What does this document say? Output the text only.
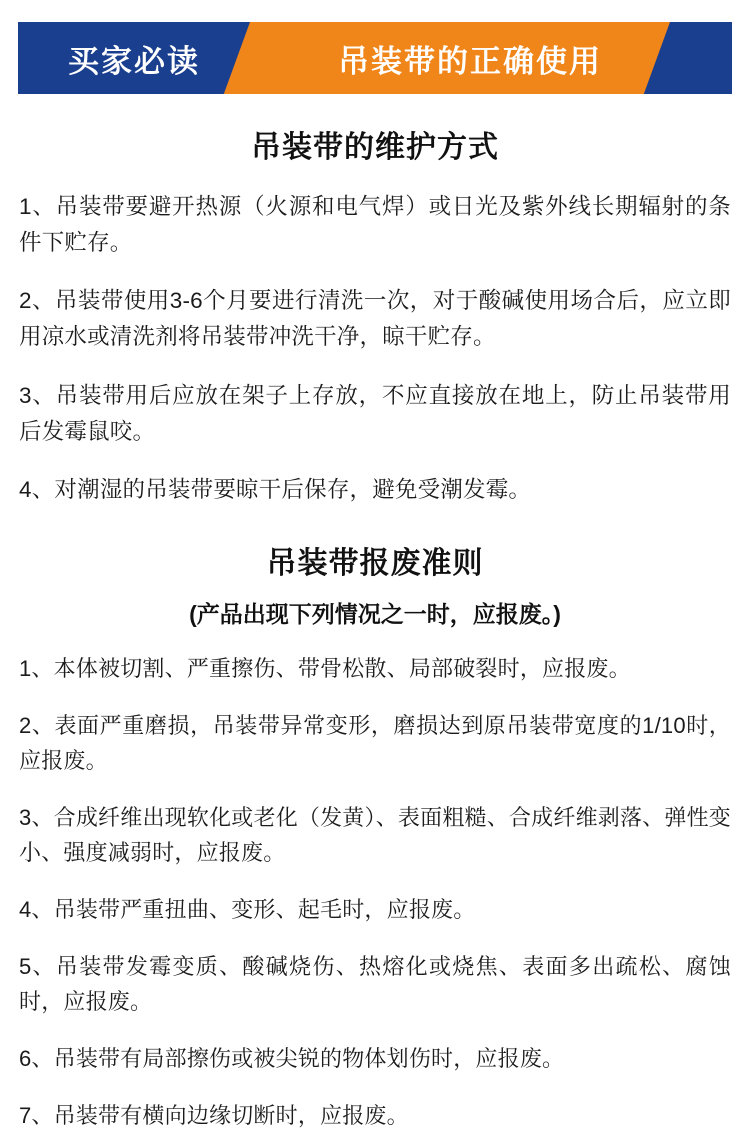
买家必读	吊装带的正确使用
吊装带的维护方式

1、吊装带要避开热源（火源和电气焊）或日光及紫外线长期辐射的条件下贮存。

2、吊装带使用3-6个月要进行清洗一次，对于酸碱使用场合后，应立即用凉水或清洗剂将吊装带冲洗干净，晾干贮存。

3、吊装带用后应放在架子上存放，不应直接放在地上，防止吊装带用后发霉鼠咬。

4、对潮湿的吊装带要晾干后保存，避免受潮发霉。

吊装带报废准则
(产品出现下列情况之一时，应报废。)

1、本体被切割、严重擦伤、带骨松散、局部破裂时，应报废。

2、表面严重磨损，吊装带异常变形，磨损达到原吊装带宽度的1/10时，应报废。

3、合成纤维出现软化或老化（发黄）、表面粗糙、合成纤维剥落、弹性变小、强度减弱时，应报废。

4、吊装带严重扭曲、变形、起毛时，应报废。

5、吊装带发霉变质、酸碱烧伤、热熔化或烧焦、表面多出疏松、腐蚀时，应报废。

6、吊装带有局部擦伤或被尖锐的物体划伤时，应报废。

7、吊装带有横向边缘切断时，应报废。
